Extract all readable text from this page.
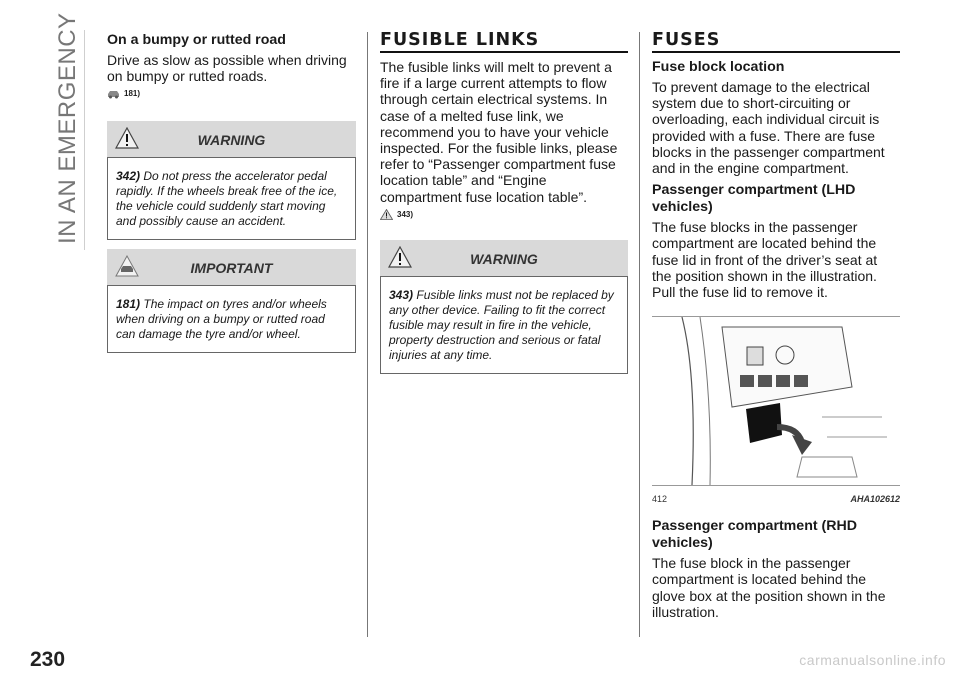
IN AN EMERGENCY
230	carmanualsonline.info

On a bumpy or rutted road

Drive as slow as possible when driving on bumpy or rutted roads.

181)
WARNING
342) Do not press the accelerator pedal rapidly. If the wheels break free of the ice, the vehicle could suddenly start moving and possibly cause an accident.
IMPORTANT
181) The impact on tyres and/or wheels when driving on a bumpy or rutted road can damage the tyre and/or wheel.
FUSIBLE LINKS

The fusible links will melt to prevent a fire if a large current attempts to flow through certain electrical systems. In case of a melted fuse link, we recommend you to have your vehicle inspected. For the fusible links, please refer to “Passenger compartment fuse location table” and “Engine compartment fuse location table”.

343)
WARNING
343) Fusible links must not be replaced by any other device. Failing to fit the correct fusible may result in fire in the vehicle, property destruction and serious or fatal injuries at any time.
FUSES

Fuse block location

To prevent damage to the electrical system due to short-circuiting or overloading, each individual circuit is provided with a fuse. There are fuse blocks in the passenger compartment and in the engine compartment.

Passenger compartment (LHD vehicles)

The fuse blocks in the passenger compartment are located behind the fuse lid in front of the driver’s seat at the position shown in the illustration. Pull the fuse lid to remove it.

412	AHA102612

Passenger compartment (RHD vehicles)

The fuse block in the passenger compartment is located behind the glove box at the position shown in the illustration.
